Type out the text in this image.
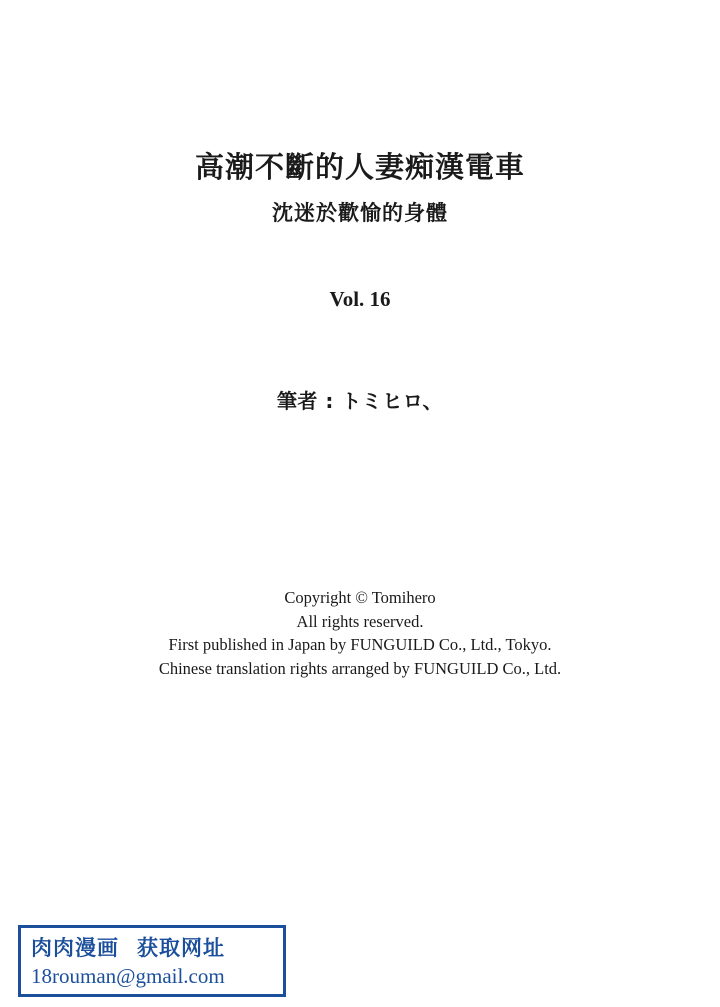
高潮不斷的人妻痴漢電車
沈迷於歡愉的身體
Vol. 16
筆者 : トミヒロ、
Copyright © Tomihero
All rights reserved.
First published in Japan by FUNGUILD Co., Ltd., Tokyo.
Chinese translation rights arranged by FUNGUILD Co., Ltd.
肉肉漫画 获取网址
18rouman@gmail.com
